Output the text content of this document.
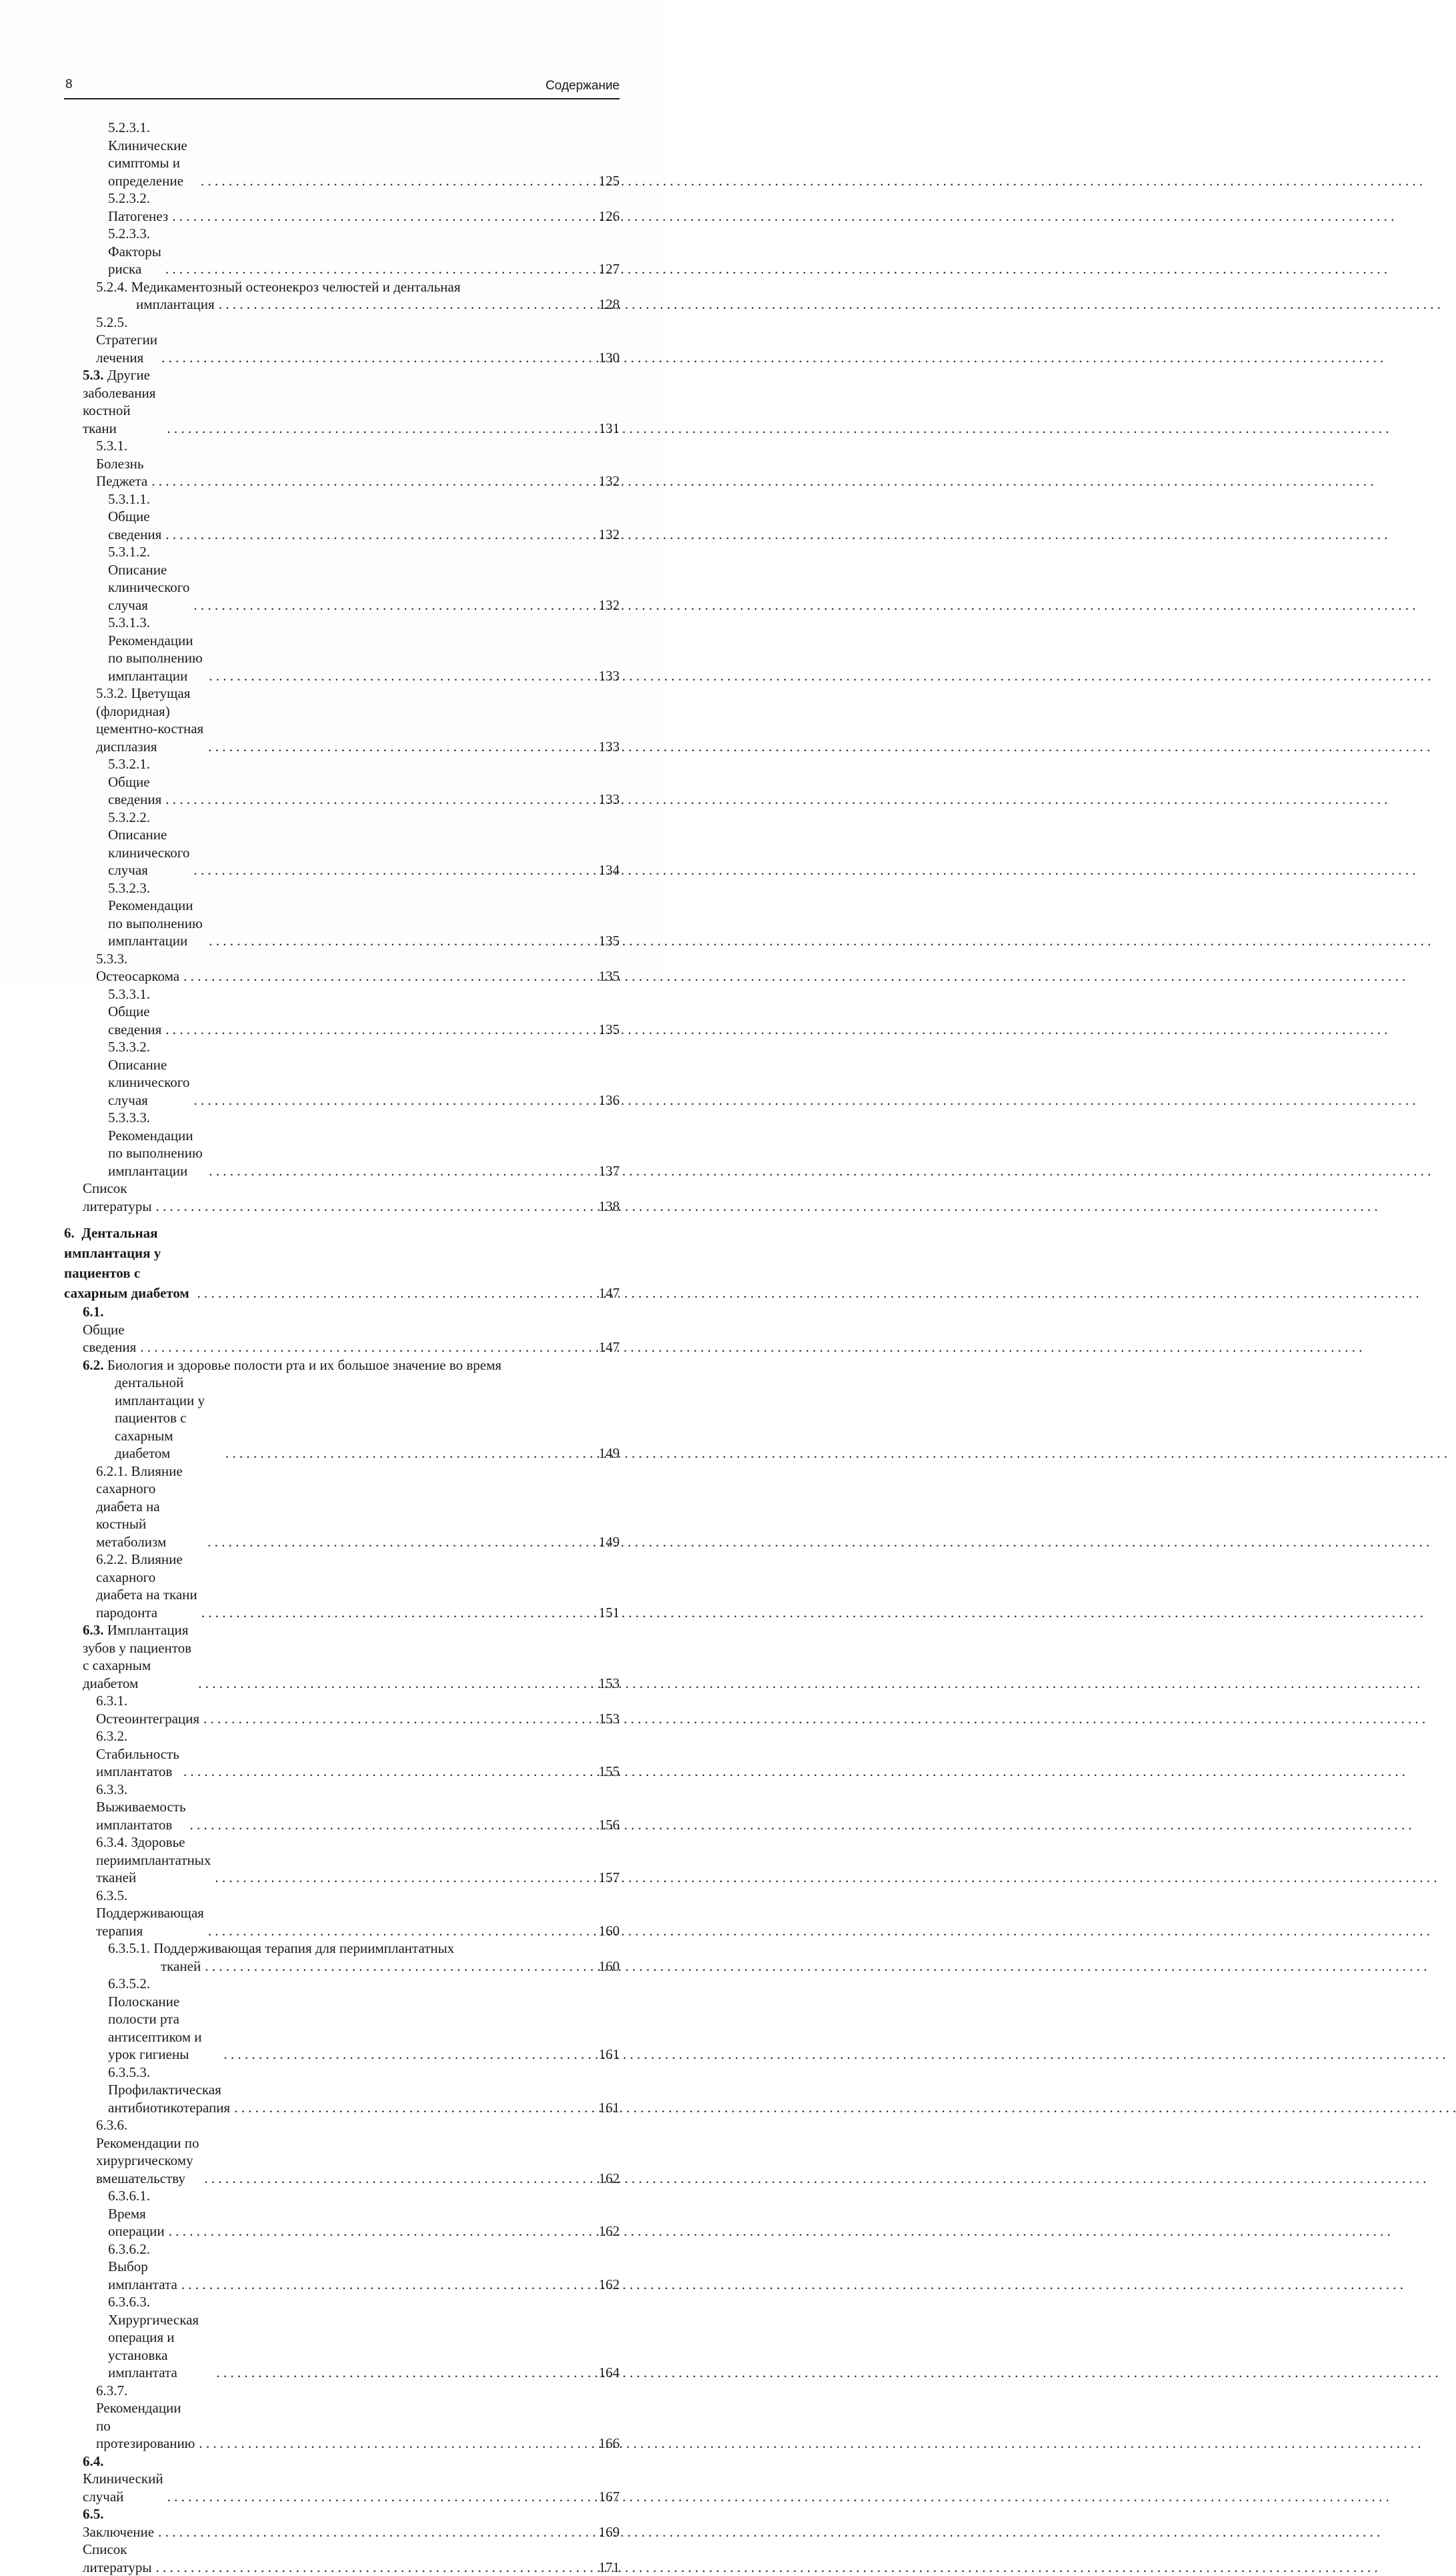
8	Содержание
5.2.3.1. Клинические симптомы и определение . . .	125
5.2.3.2. Патогенез . . .	126
5.2.3.3. Факторы риска . . .	127
5.2.4. Медикаментозный остеонекроз челюстей и дентальная
имплантация . . .	128
5.2.5. Стратегии лечения . . .	130
5.3. Другие заболевания костной ткани . . .	131
5.3.1. Болезнь Педжета . . .	132
5.3.1.1. Общие сведения . . .	132
5.3.1.2. Описание клинического случая . . .	132
5.3.1.3. Рекомендации по выполнению имплантации . . .	133
5.3.2. Цветущая (флоридная) цементно-костная дисплазия . . .	133
5.3.2.1. Общие сведения . . .	133
5.3.2.2. Описание клинического случая . . .	134
5.3.2.3. Рекомендации по выполнению имплантации . . .	135
5.3.3. Остеосаркома . . .	135
5.3.3.1. Общие сведения . . .	135
5.3.3.2. Описание клинического случая . . .	136
5.3.3.3. Рекомендации по выполнению имплантации . . .	137
Список литературы . . .	138
6. Дентальная имплантация у пациентов с сахарным диабетом . . .	147
6.1. Общие сведения . . .	147
6.2. Биология и здоровье полости рта и их большое значение во время
дентальной имплантации у пациентов с сахарным диабетом . . .	149
6.2.1. Влияние сахарного диабета на костный метаболизм . . .	149
6.2.2. Влияние сахарного диабета на ткани пародонта . . .	151
6.3. Имплантация зубов у пациентов с сахарным диабетом . . .	153
6.3.1. Остеоинтеграция . . .	153
6.3.2. Стабильность имплантатов . . .	155
6.3.3. Выживаемость имплантатов . . .	156
6.3.4. Здоровье периимплантатных тканей . . .	157
6.3.5. Поддерживающая терапия . . .	160
6.3.5.1. Поддерживающая терапия для периимплантатных
тканей . . .	160
6.3.5.2. Полоскание полости рта антисептиком и урок гигиены . . .	161
6.3.5.3. Профилактическая антибиотикотерапия . . .	161
6.3.6. Рекомендации по хирургическому вмешательству . . .	162
6.3.6.1. Время операции . . .	162
6.3.6.2. Выбор имплантата . . .	162
6.3.6.3. Хирургическая операция и установка имплантата . . .	164
6.3.7. Рекомендации по протезированию . . .	166
6.4. Клинический случай . . .	167
6.5. Заключение . . .	169
Список литературы . . .	171
